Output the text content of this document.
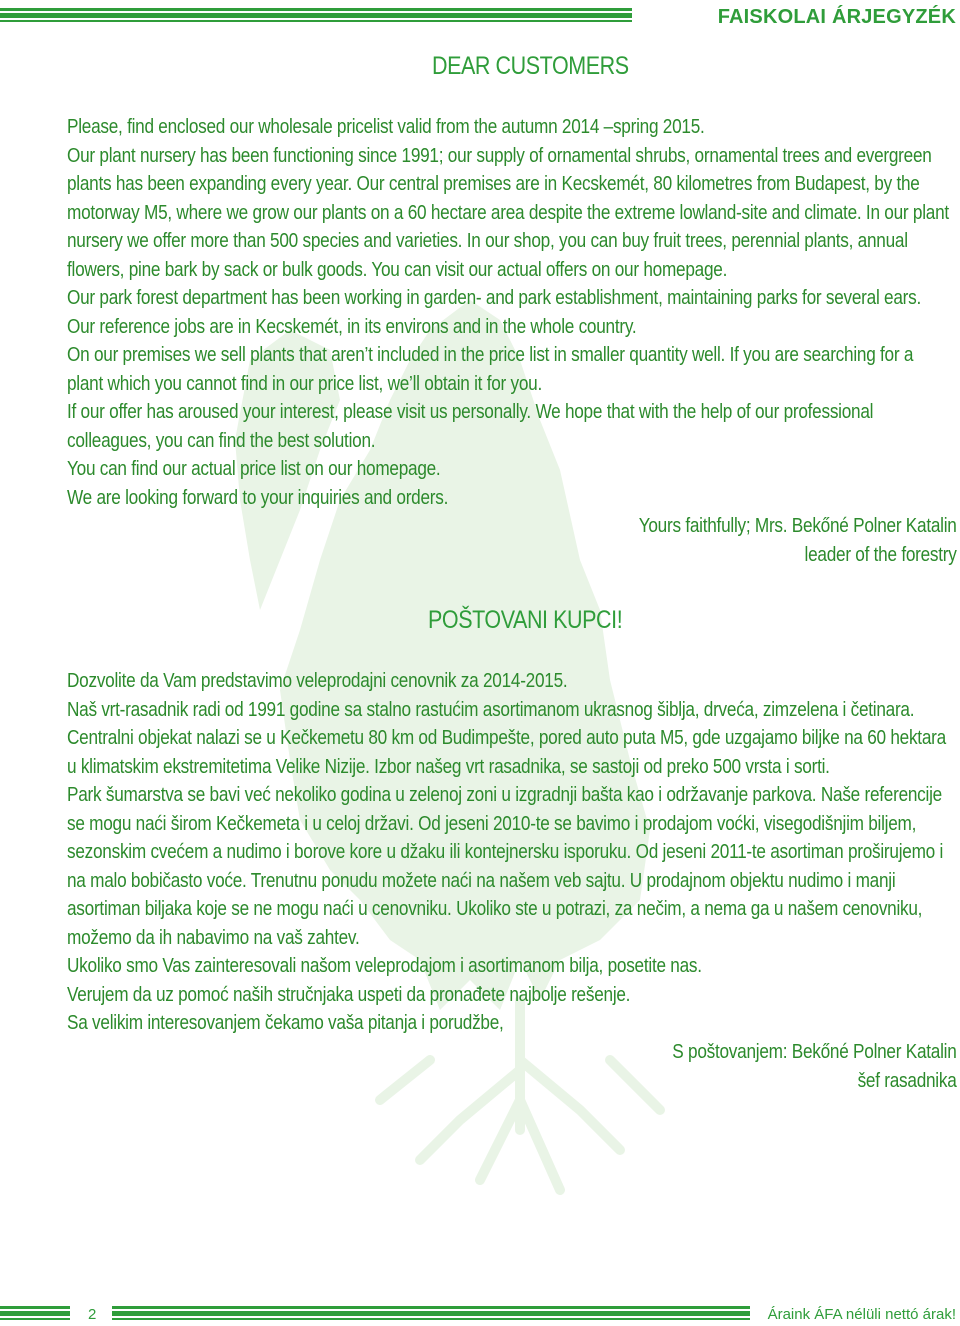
FAISKOLAI ÁRJEGYZÉK
DEAR CUSTOMERS

Please, find enclosed our wholesale pricelist valid from the autumn 2014 –spring 2015.

Our plant nursery has been functioning since 1991; our supply of ornamental shrubs, ornamental trees and evergreen plants has been expanding every year. Our central premises are in Kecskemét, 80 kilometres from Budapest, by the motorway M5, where we grow our plants on a 60 hectare area despite the extreme lowland-site and climate. In our plant nursery we offer more than 500 species and varieties. In our shop, you can buy fruit trees, perennial plants, annual flowers, pine bark by sack or bulk goods. You can visit our actual offers on our homepage.

Our park forest department has been working in garden- and park establishment, maintaining parks for several ears. Our reference jobs are in Kecskemét, in its environs and in the whole country.

On our premises we sell plants that aren’t included in the price list in smaller quantity well. If you are searching for a plant which you cannot find in our price list, we’ll obtain it for you.

If our offer has aroused your interest, please visit us personally. We hope that with the help of our professional colleagues, you can find the best solution.

You can find our actual price list on our homepage.

We are looking forward to your inquiries and orders.

Yours faithfully; Mrs. Bekőné Polner Katalin
leader of the forestry
POŠTOVANI KUPCI!

Dozvolite da Vam predstavimo veleprodajni cenovnik za 2014-2015.

Naš vrt-rasadnik radi od 1991 godine sa stalno rastućim asortimanom ukrasnog šiblja, drveća, zimzelena i četinara. Centralni objekat nalazi se u Kečkemetu 80 km od Budimpešte, pored auto puta M5, gde uzgajamo biljke na 60 hektara u klimatskim ekstremitetima Velike Nizije. Izbor našeg vrt rasadnika, se sastoji od preko 500 vrsta i sorti.

Park šumarstva se bavi već nekoliko godina u zelenoj zoni u izgradnji bašta kao i održavanje parkova. Naše referencije se mogu naći širom Kečkemeta i u celoj državi. Od jeseni 2010-te se bavimo i prodajom voćki, visegodišnjim biljem, sezonskim cvećem a nudimo i borove kore u džaku ili kontejnersku isporuku. Od jeseni 2011-te asortiman proširujemo i na malo bobičasto voće. Trenutnu ponudu možete naći na našem veb sajtu. U prodajnom objektu nudimo i manji asortiman biljaka koje se ne mogu naći u cenovniku. Ukoliko ste u potrazi, za nečim, a nema ga u našem cenovniku, možemo da ih nabavimo na vaš zahtev.

Ukoliko smo Vas zainteresovali našom veleprodajom i asortimanom bilja, posetite nas.

Verujem da uz pomoć naših stručnjaka uspeti da pronađete najbolje rešenje.

Sa velikim interesovanjem čekamo vaša pitanja i porudžbe,

S poštovanjem: Bekőné Polner Katalin
šef rasadnika
2	Áraink ÁFA nélüli nettó árak!
